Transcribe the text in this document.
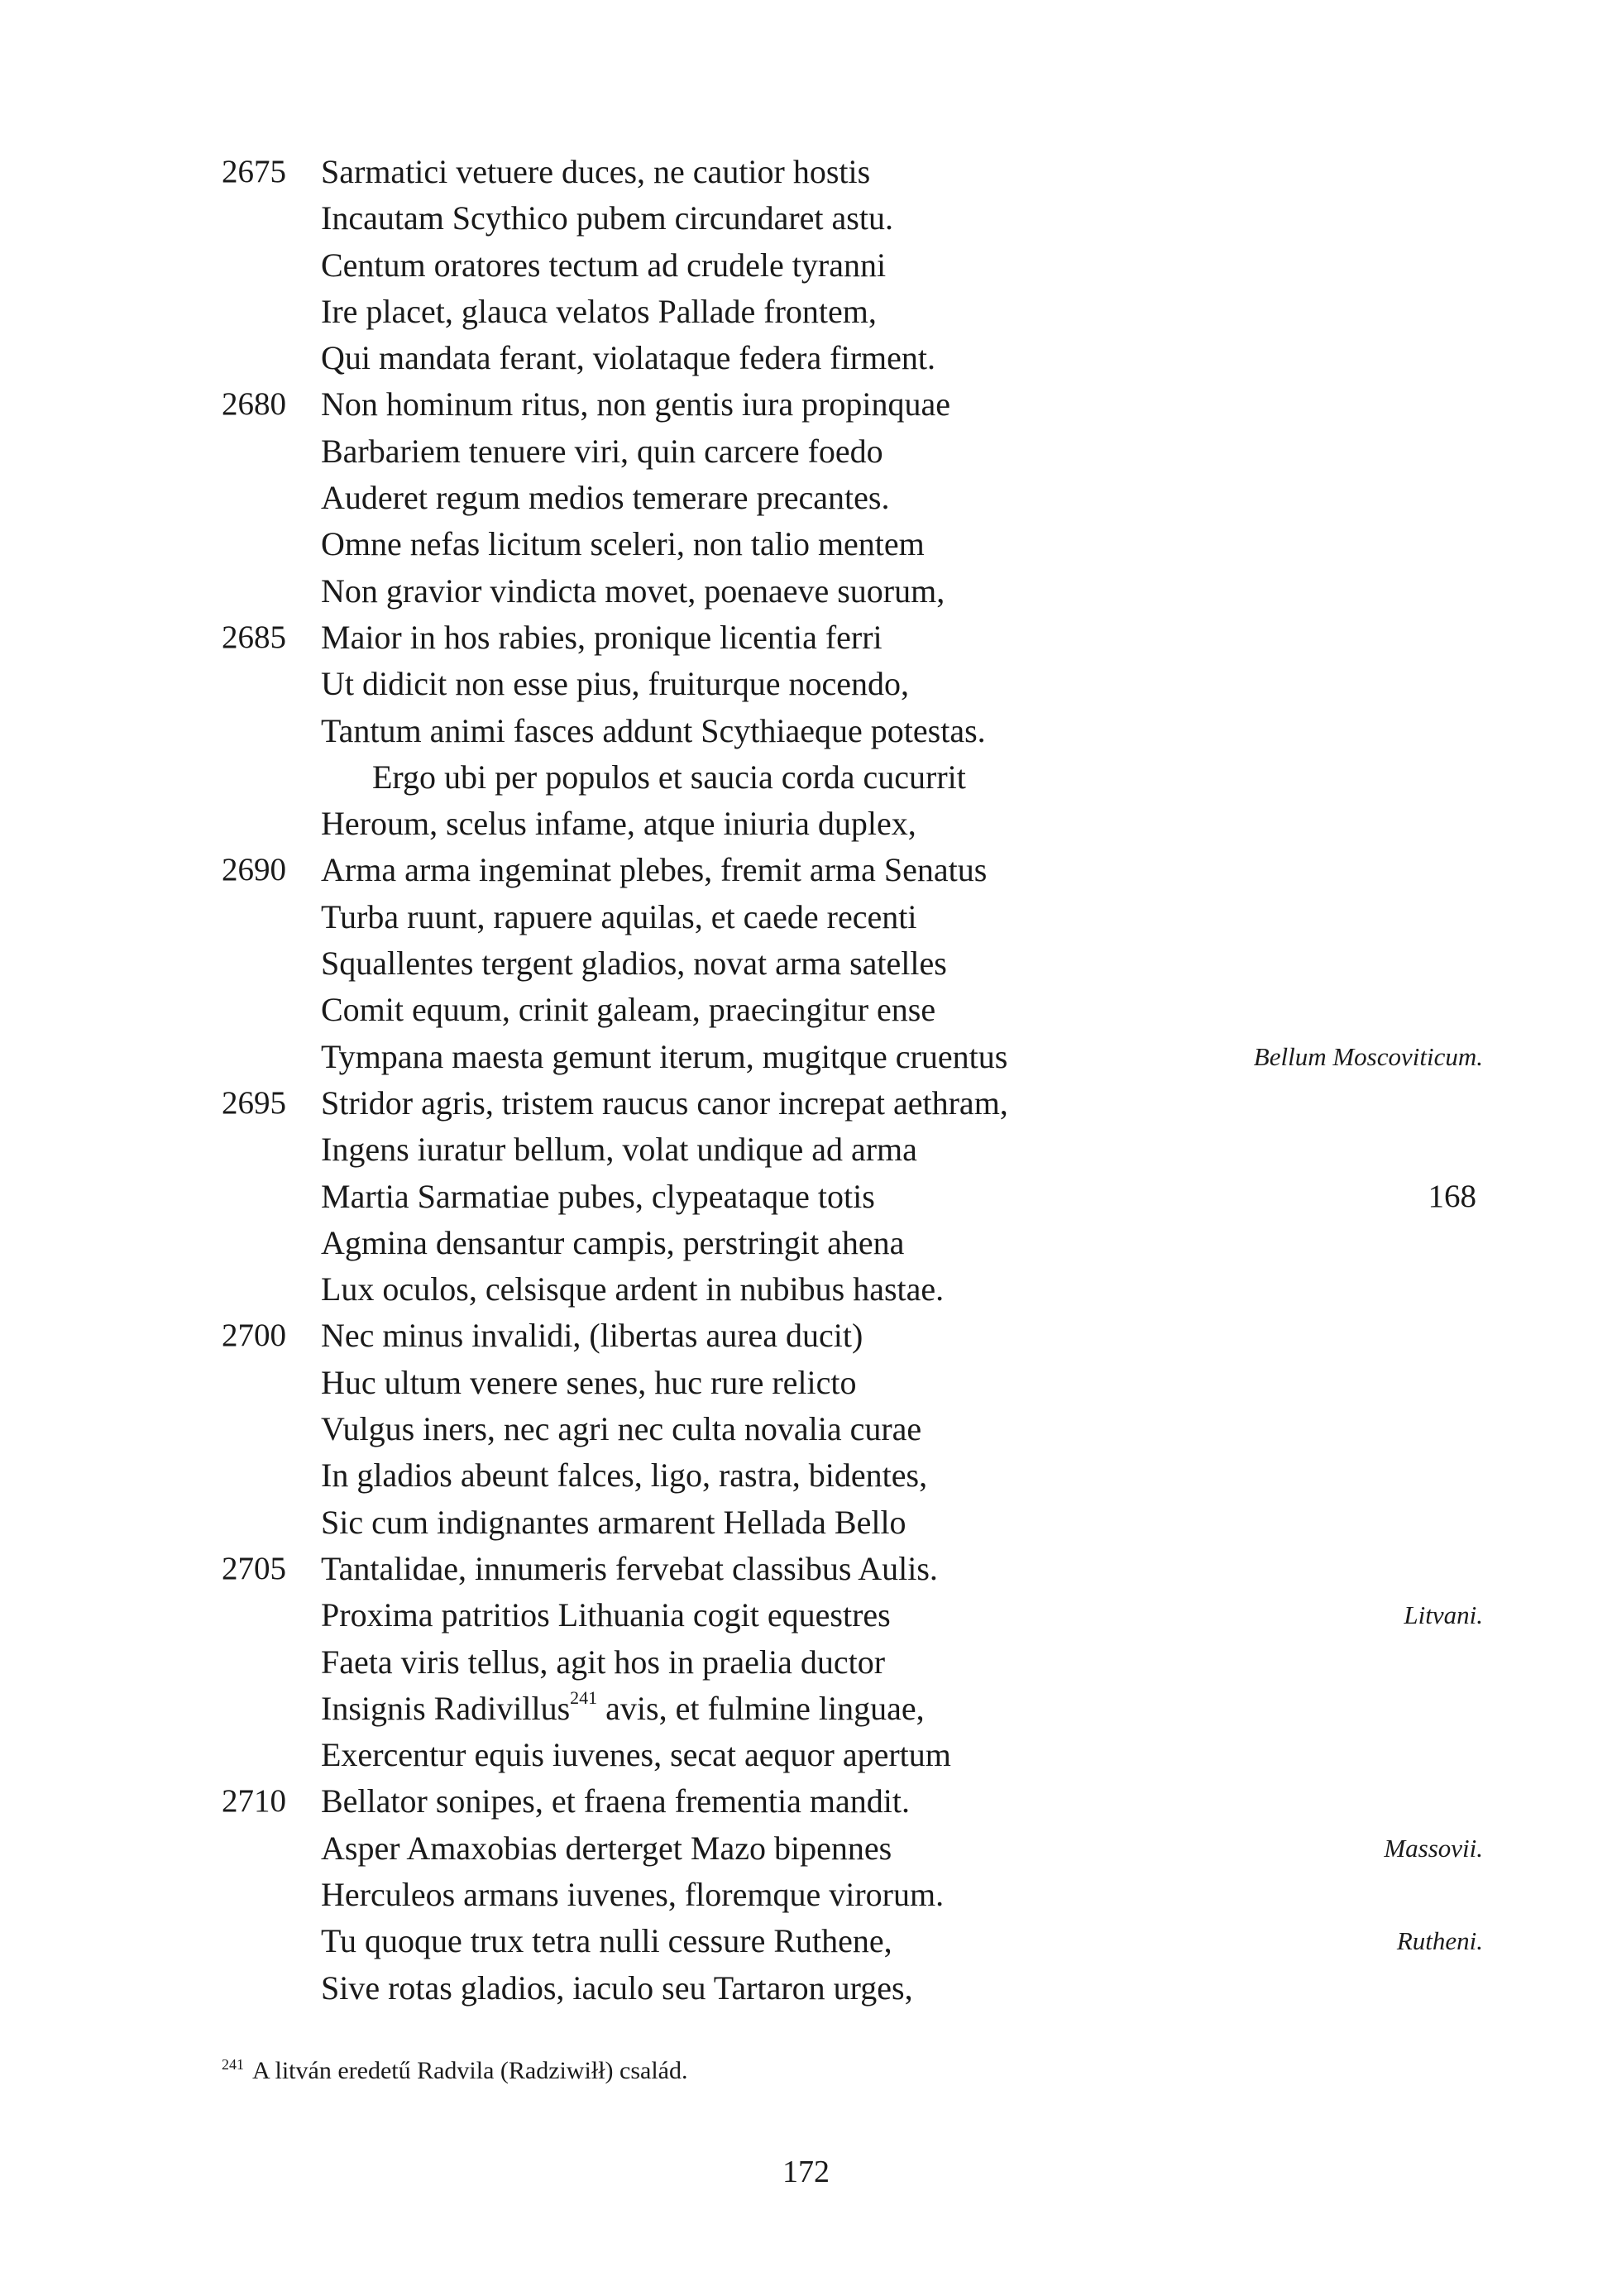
2675	Sarmatici vetuere duces, ne cautior hostis
Incautam Scythico pubem circundaret astu.
Centum oratores tectum ad crudele tyranni
Ire placet, glauca velatos Pallade frontem,
Qui mandata ferant, violataque federa firment.
2680	Non hominum ritus, non gentis iura propinquae
Barbariem tenuere viri, quin carcere foedo
Auderet regum medios temerare precantes.
Omne nefas licitum sceleri, non talio mentem
Non gravior vindicta movet, poenaeve suorum,
2685	Maior in hos rabies, pronique licentia ferri
Ut didicit non esse pius, fruiturque nocendo,
Tantum animi fasces addunt Scythiaeque potestas.
Ergo ubi per populos et saucia corda cucurrit
Heroum, scelus infame, atque iniuria duplex,
2690	Arma arma ingeminat plebes, fremit arma Senatus
Turba ruunt, rapuere aquilas, et caede recenti
Squallentes tergent gladios, novat arma satelles
Comit equum, crinit galeam, praecingitur ense
Tympana maesta gemunt iterum, mugitque cruentus	Bellum Moscoviticum.
2695	Stridor agris, tristem raucus canor increpat aethram,
Ingens iuratur bellum, volat undique ad arma
Martia Sarmatiae pubes, clypeataque totis	168
Agmina densantur campis, perstringit ahena
Lux oculos, celsisque ardent in nubibus hastae.
2700	Nec minus invalidi, (libertas aurea ducit)
Huc ultum venere senes, huc rure relicto
Vulgus iners, nec agri nec culta novalia curae
In gladios abeunt falces, ligo, rastra, bidentes,
Sic cum indignantes armarent Hellada Bello
2705	Tantalidae, innumeris fervebat classibus Aulis.
Proxima patritios Lithuania cogit equestres	Litvani.
Faeta viris tellus, agit hos in praelia ductor
Insignis Radivillus$^{241}$ avis, et fulmine linguae,
Exercentur equis iuvenes, secat aequor apertum
2710	Bellator sonipes, et fraena frementia mandit.
Asper Amaxobias derterget Mazo bipennes	Massovii.
Herculeos armans iuvenes, floremque virorum.
Tu quoque trux tetra nulli cessure Ruthene,	Rutheni.
Sive rotas gladios, iaculo seu Tartaron urges,
$^{241}$ A litván eredetű Radvila (Radziwiłł) család.
172
